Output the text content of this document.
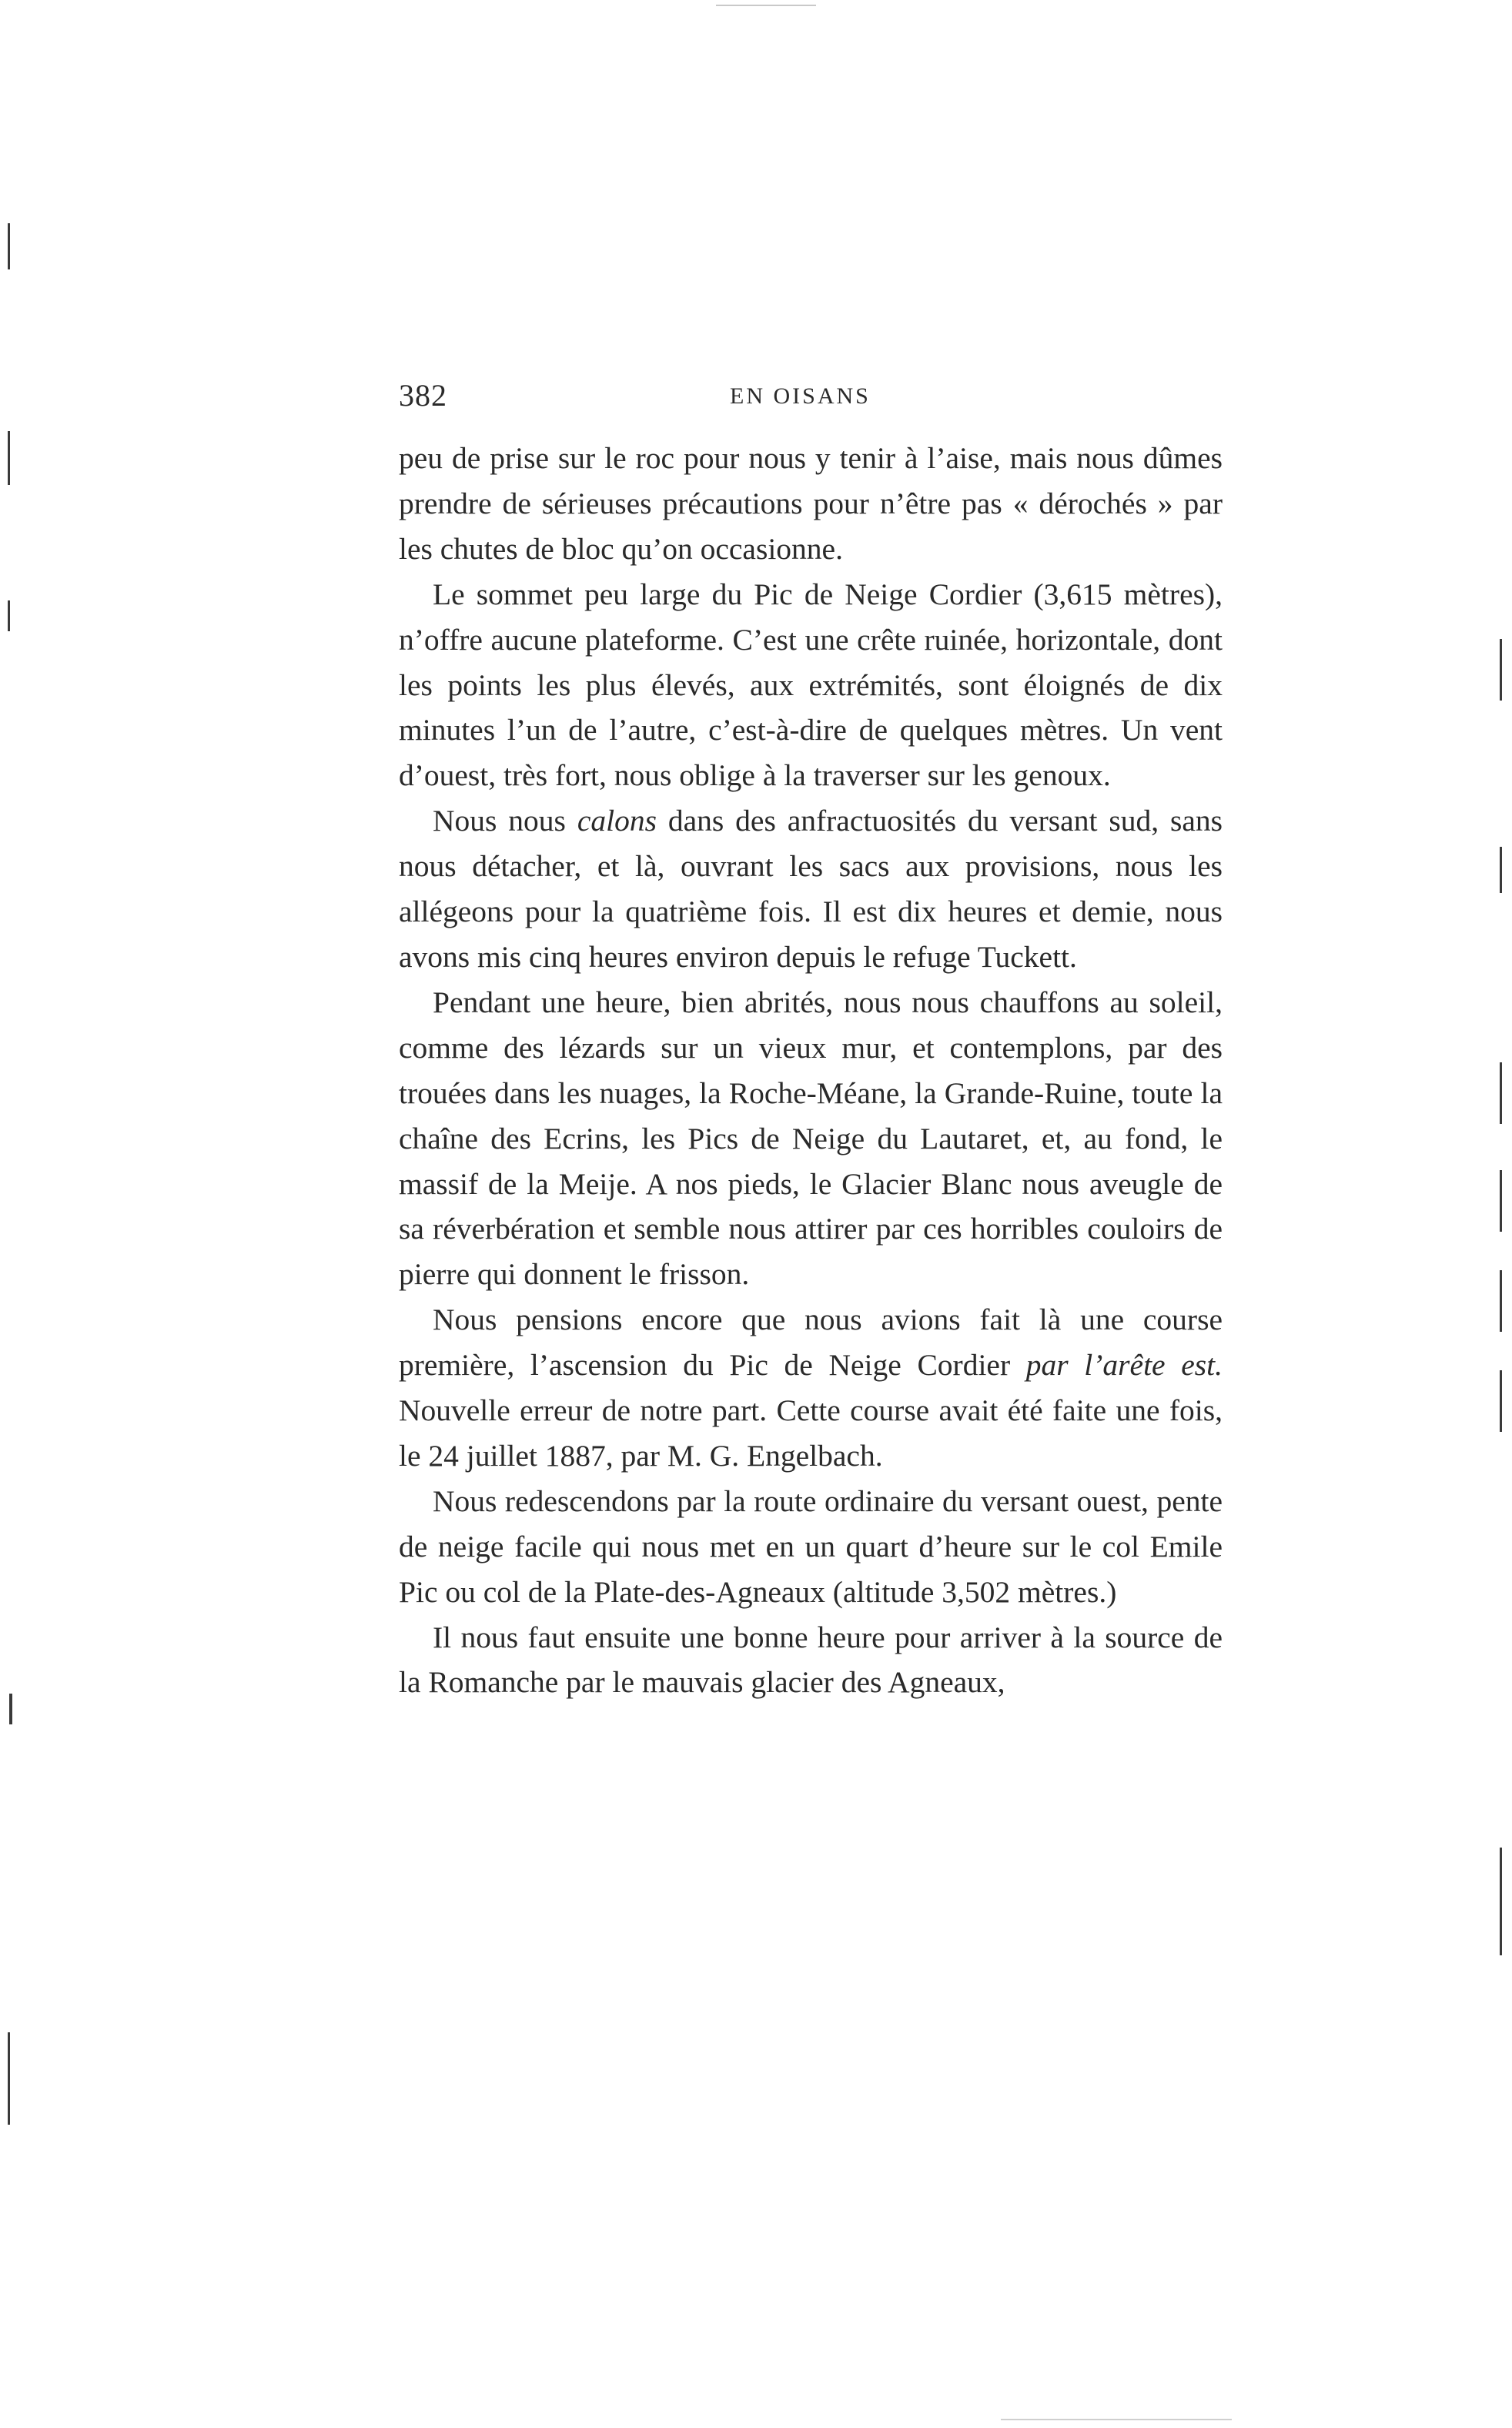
382	EN OISANS

peu de prise sur le roc pour nous y tenir à l’aise, mais nous dûmes prendre de sérieuses précautions pour n’être pas « dérochés » par les chutes de bloc qu’on occasionne.

Le sommet peu large du Pic de Neige Cordier (3,615 mètres), n’offre aucune plateforme. C’est une crête ruinée, horizontale, dont les points les plus élevés, aux extrémités, sont éloignés de dix minutes l’un de l’autre, c’est-à-dire de quelques mètres. Un vent d’ouest, très fort, nous oblige à la traverser sur les genoux.

Nous nous calons dans des anfractuosités du versant sud, sans nous détacher, et là, ouvrant les sacs aux provisions, nous les allégeons pour la quatrième fois. Il est dix heures et demie, nous avons mis cinq heures environ depuis le refuge Tuckett.

Pendant une heure, bien abrités, nous nous chauffons au soleil, comme des lézards sur un vieux mur, et contemplons, par des trouées dans les nuages, la Roche-Méane, la Grande-Ruine, toute la chaîne des Ecrins, les Pics de Neige du Lautaret, et, au fond, le massif de la Meije. A nos pieds, le Glacier Blanc nous aveugle de sa réverbération et semble nous attirer par ces horribles couloirs de pierre qui donnent le frisson.

Nous pensions encore que nous avions fait là une course première, l’ascension du Pic de Neige Cordier par l’arête est. Nouvelle erreur de notre part. Cette course avait été faite une fois, le 24 juillet 1887, par M. G. Engelbach.

Nous redescendons par la route ordinaire du versant ouest, pente de neige facile qui nous met en un quart d’heure sur le col Emile Pic ou col de la Plate-des-Agneaux (altitude 3,502 mètres.)

Il nous faut ensuite une bonne heure pour arriver à la source de la Romanche par le mauvais glacier des Agneaux,
